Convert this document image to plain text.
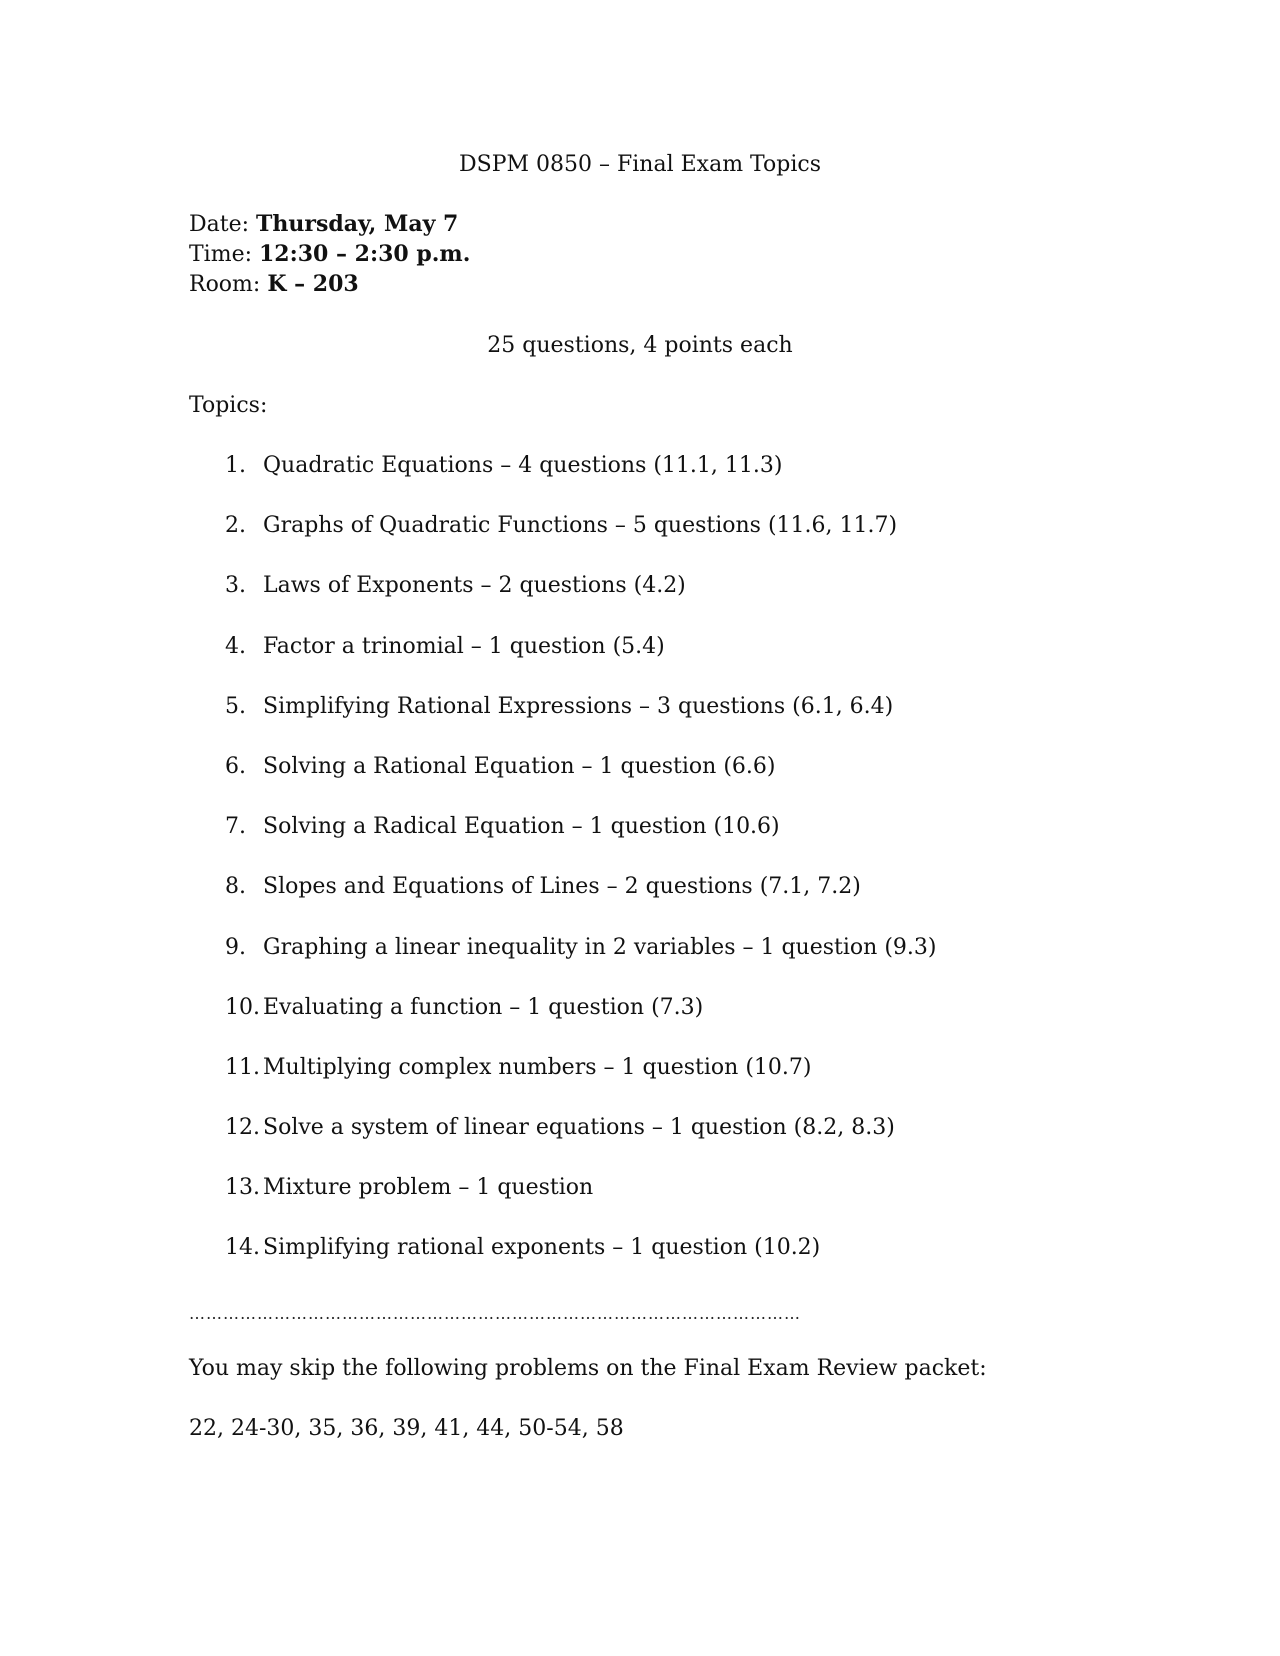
DSPM 0850 – Final Exam Topics
Date: Thursday, May 7
Time: 12:30 – 2:30 p.m.
Room: K – 203
25 questions, 4 points each
Topics:
1. Quadratic Equations – 4 questions (11.1, 11.3)
2. Graphs of Quadratic Functions – 5 questions (11.6, 11.7)
3. Laws of Exponents – 2 questions (4.2)
4. Factor a trinomial – 1 question (5.4)
5. Simplifying Rational Expressions – 3 questions (6.1, 6.4)
6. Solving a Rational Equation – 1 question (6.6)
7. Solving a Radical Equation – 1 question (10.6)
8. Slopes and Equations of Lines – 2 questions (7.1, 7.2)
9. Graphing a linear inequality in 2 variables – 1 question (9.3)
10. Evaluating a function – 1 question (7.3)
11. Multiplying complex numbers – 1 question (10.7)
12. Solve a system of linear equations – 1 question (8.2, 8.3)
13. Mixture problem – 1 question
14. Simplifying rational exponents – 1 question (10.2)
………………………………………………………………………………………………
You may skip the following problems on the Final Exam Review packet:
22, 24-30, 35, 36, 39, 41, 44, 50-54, 58
